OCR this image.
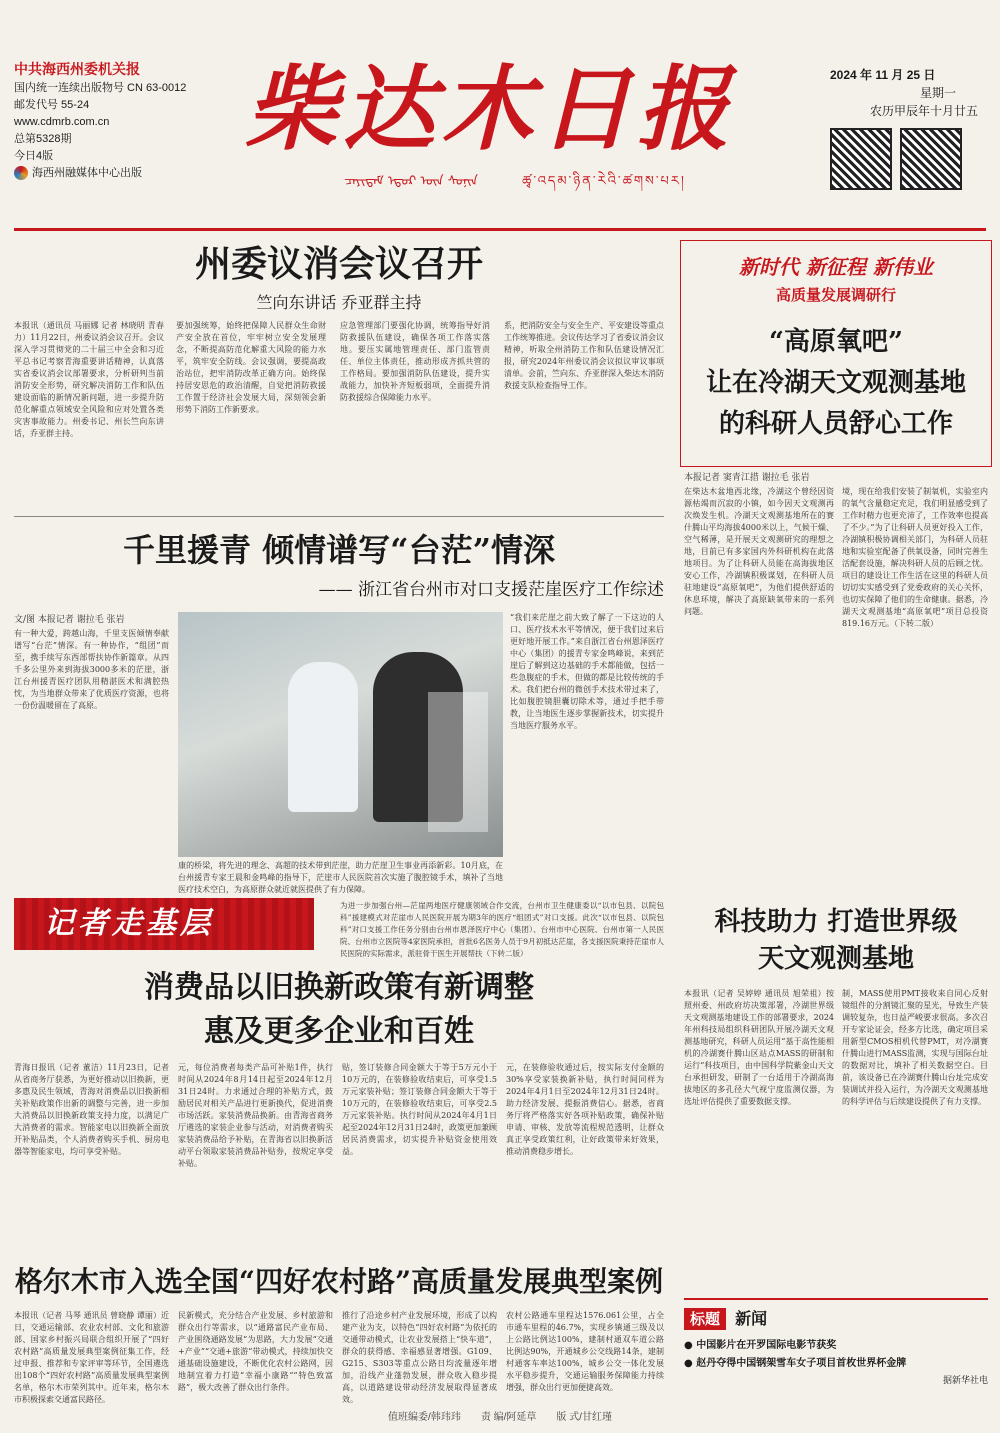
中共海西州委机关报
国内统一连续出版物号 CN 63-0012
邮发代号 55-24
www.cdmrb.com.cn
总第5328期
今日4版
海西州融媒体中心出版
柴达木日报
ᠴᠠᠶᠢᠳᠠᠮ ᠡᠳᠦᠷ ᠦᠨ ᠰᠣᠨᠢᠨ	ཚྭ་འདམ་ཉིན་རེའི་ཚགས་པར།
2024 年 11 月 25 日
星期一
农历甲辰年十月廿五
州委议消会议召开
竺向东讲话 乔亚群主持
本报讯（通讯员 马丽娜 记者 林晓明 青春力）11月22日，州委议消会议召开。会议深入学习贯彻党的二十届三中全会和习近平总书记考察青海重要讲话精神，认真落实省委议消会议部署要求，分析研判当前消防安全形势，研究解决消防工作和队伍建设面临的新情况新问题，进一步提升防范化解重点领域安全风险和应对处置各类灾害事故能力。州委书记、州长竺向东讲话，乔亚群主持。
要加强统筹，始终把保障人民群众生命财产安全放在首位，牢牢树立安全发展理念，不断提高防范化解重大风险的能力水平，筑牢安全防线。会议强调，要提高政治站位，把牢消防改革正确方向。始终保持居安思危的政治清醒，自觉把消防救援工作置于经济社会发展大局，深刻领会新形势下消防工作新要求。
应急管理部门要强化协调，统筹指导好消防救援队伍建设，确保各项工作落实落地。要压实属地管理责任、部门监管责任、单位主体责任，推动形成齐抓共管的工作格局。要加强消防队伍建设，提升实战能力，加快补齐短板弱项，全面提升消防救援综合保障能力水平。
系，把消防安全与安全生产、平安建设等重点工作统筹推进。会议传达学习了省委议消会议精神，听取全州消防工作和队伍建设情况汇报，研究2024年州委议消会议拟议审议事项清单。会前，竺向东、乔亚群深入柴达木消防救援支队检查指导工作。
千里援青 倾情谱写“台茫”情深
—— 浙江省台州市对口支援茫崖医疗工作综述
文/图 本报记者 谢拉毛 张岩
有一种大爱，跨越山海，千里支医倾情奉献谱写“台茫”情深。有一种协作，“组团”而至，携手续写东西部帮扶协作新篇章。从四千多公里外来到海拔3000多米的茫崖，浙江台州援青医疗团队用精湛医术和满腔热忱，为当地群众带来了优质医疗资源，也将一份份温暖留在了高原。
康的桥梁，将先进的理念、高超的技术带到茫崖，助力茫崖卫生事业再添新彩。10月底，在台州援青专家王晨和金鸣峰的指导下，茫崖市人民医院首次实施了腹腔镜手术，填补了当地医疗技术空白，为高原群众就近就医提供了有力保障。
“我们来茫崖之前大致了解了一下这边的人口、医疗技术水平等情况，便于我们过来后更好地开展工作。”来自浙江省台州恩泽医疗中心（集团）的援青专家金鸣峰说，来到茫崖后了解到这边基础的手术都能做，包括一些急腹症的手术，但做的都是比较传统的手术。我们把台州的微创手术技术带过来了，比如腹腔镜胆囊切除术等，通过手把手带教，让当地医生逐步掌握新技术，切实提升当地医疗服务水平。
为进一步加强台州—茫崖两地医疗健康领域合作交流，台州市卫生健康委以“以市包县、以院包科”援建模式对茫崖市人民医院开展为期3年的医疗“组团式”对口支援。此次“以市包县、以院包科”对口支援工作任务分别由台州市恩泽医疗中心（集团）、台州市中心医院、台州市第一人民医院、台州市立医院等4家医院承担，首批6名医务人员于9月初抵达茫崖，各支援医院秉持茫崖市人民医院的实际需求，派驻骨干医生开展帮扶（下转二版）
记者走基层
新时代 新征程 新伟业
高质量发展调研行
“高原氧吧”
让在冷湖天文观测基地
的科研人员舒心工作
本报记者 窦青江措 谢拉毛 张岩
在柴达木盆地西北缘，冷湖这个曾经因资源枯竭而沉寂的小镇，如今因天文观测再次焕发生机。冷湖天文观测基地所在的赛什腾山平均海拔4000米以上，气候干燥、空气稀薄，是开展天文观测研究的理想之地，目前已有多家国内外科研机构在此落地项目。为了让科研人员能在高海拔地区安心工作，冷湖镇积极谋划，在科研人员驻地建设“高原氧吧”，为他们提供舒适的休息环境，解决了高原缺氧带来的一系列问题。
境，现在给我们安装了制氧机，实验室内的氧气含量稳定充足，我们明显感受到了工作时精力也更充沛了，工作效率也提高了不少。”为了让科研人员更好投入工作，冷湖镇积极协调相关部门，为科研人员驻地和实验室配备了供氧设备，同时完善生活配套设施，解决科研人员的后顾之忧。项目的建设让工作生活在这里的科研人员切切实实感受到了党委政府的关心关怀，也切实保障了他们的生命健康。据悉，冷湖天文观测基地“高原氧吧”项目总投资819.16万元。（下转二版）
科技助力 打造世界级
天文观测基地
本报讯（记者 吴婷婷 通讯员 旭荣祖）按照州委、州政府坊决策部署，冷湖世界级天文观测基地建设工作的部署要求，2024年州科技局组织科研团队开展冷湖天文观测基地研究，科研人员运用“基于高性能相机的冷湖赛什腾山区站点MASS的研制和运行”科技项目，由中国科学院紫金山天文台承担研发，研制了一台适用于冷湖高海拔地区的多孔径大气视宁度监测仪器，为选址评估提供了重要数据支撑。
制，MASS使用PMT接收来自同心反射镜组件的分割镜汇聚的星光，导致生产装调较复杂，也日益严峻要求很高。多次召开专家论证会，经多方比选，确定项目采用新型CMOS相机代替PMT，对冷湖赛什腾山进行MASS监测，实现与国际台址的数据对比，填补了相关数据空白。目前，该设备已在冷湖赛什腾山台址完成安装调试并投入运行，为冷湖天文观测基地的科学评估与后续建设提供了有力支撑。
消费品以旧换新政策有新调整
惠及更多企业和百姓
青海日报讯（记者 董洁）11月23日，记者从省商务厅获悉，为更好推动以旧换新，更多惠及民生领域，青海对消费品以旧换新相关补贴政策作出新的调整与完善，进一步加大消费品以旧换新政策支持力度，以满足广大消费者的需求。智能家电以旧换新全面放开补贴品类，个人消费者购买手机、厨房电器等智能家电，均可享受补贴。
元，每位消费者每类产品可补贴1件，执行时间从2024年8月14日起至2024年12月31日24时。力求通过合理的补贴方式，鼓励居民对相关产品进行更新换代，促进消费市场活跃。家装消费品换新。由青海省商务厅遴选的家装企业参与活动，对消费者购买家装消费品给予补贴，在青海省以旧换新活动平台领取家装消费品补贴券，按规定享受补贴。
贴，签订装修合同金额大于等于5万元小于10万元的，在装修验收结束后，可享受1.5万元家装补贴；签订装修合同金额大于等于10万元的，在装修验收结束后，可享受2.5万元家装补贴。执行时间从2024年4月1日起至2024年12月31日24时，政策更加兼顾居民消费需求，切实提升补贴资金使用效益。
元，在装修验收通过后，按实际支付金额的30%享受家装换新补贴，执行时间同样为2024年4月1日至2024年12月31日24时。助力经济发展、提振消费信心。据悉，省商务厅将严格落实好各项补贴政策，确保补贴申请、审核、发放等流程规范透明，让群众真正享受政策红利，让好政策带来好效果，推动消费稳步增长。
格尔木市入选全国“四好农村路”高质量发展典型案例
本报讯（记者 马琴 通讯员 曾晓静 谭丽）近日，交通运输部、农业农村部、文化和旅游部、国家乡村振兴局联合组织开展了“四好农村路”高质量发展典型案例征集工作，经过申报、推荐和专家评审等环节，全国遴选出108个“四好农村路”高质量发展典型案例名单，格尔木市荣列其中。近年来，格尔木市积极探索交通富民路径。
民新模式，充分结合产业发展、乡村旅游和群众出行等需求，以“通路富民产业布局、产业围绕通路发展”为思路，大力发展“交通+产业”“交通+旅游”带动模式，持续加快交通基础设施建设，不断优化农村公路网，因地制宜着力打造“幸福小康路”“特色致富路”，极大改善了群众出行条件。
推行了沿途乡村产业发展环境，形成了以构建产业为支，以特色“四好农村路”为依托的交通带动模式，让农业发展搭上“快车道”，群众的获得感、幸福感显著增强。G109、G215、S303等重点公路日均流量逐年增加，沿线产业蓬勃发展，群众收入稳步提高，以道路建设带动经济发展取得显著成效。
农村公路通车里程达1576.061公里，占全市通车里程的46.7%，实现乡镇通三级及以上公路比例达100%，建制村通双车道公路比例达90%，开通城乡公交线路14条，建制村通客车率达100%，城乡公交一体化发展水平稳步提升，交通运输服务保障能力持续增强，群众出行更加便捷高效。
标题 新闻
● 中国影片在开罗国际电影节获奖
● 赵丹夺得中国钢架雪车女子项目首枚世界杯金牌
据新华社电
值班编委/韩玮玮　　责 编/阿延草　　版 式/甘红瑾
